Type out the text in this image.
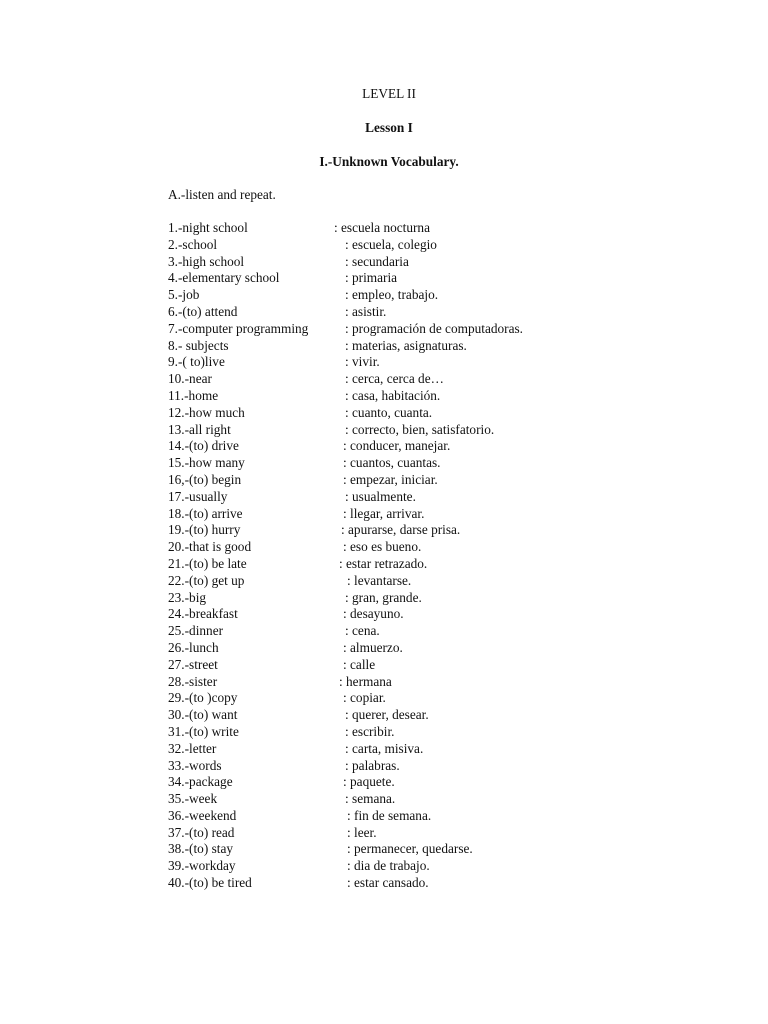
LEVEL II
Lesson I
I.-Unknown Vocabulary.
A.-listen and repeat.
1.-night school	: escuela nocturna
2.-school	: escuela, colegio
3.-high school	: secundaria
4.-elementary school	: primaria
5.-job	: empleo, trabajo.
6.-(to) attend	: asistir.
7.-computer programming	: programación de computadoras.
8.- subjects	: materias, asignaturas.
9.-( to)live	: vivir.
10.-near	: cerca, cerca de…
11.-home	: casa, habitación.
12.-how much	: cuanto, cuanta.
13.-all right	: correcto, bien, satisfatorio.
14.-(to) drive	: conducer, manejar.
15.-how many	: cuantos, cuantas.
16,-(to) begin	: empezar, iniciar.
17.-usually	: usualmente.
18.-(to) arrive	: llegar, arrivar.
19.-(to) hurry	: apurarse, darse prisa.
20.-that is good	: eso es bueno.
21.-(to) be late	: estar retrazado.
22.-(to) get up	: levantarse.
23.-big	: gran, grande.
24.-breakfast	: desayuno.
25.-dinner	: cena.
26.-lunch	: almuerzo.
27.-street	: calle
28.-sister	: hermana
29.-(to )copy	: copiar.
30.-(to) want	: querer, desear.
31.-(to) write	: escribir.
32.-letter	: carta, misiva.
33.-words	: palabras.
34.-package	: paquete.
35.-week	: semana.
36.-weekend	: fin de semana.
37.-(to) read	: leer.
38.-(to) stay	: permanecer, quedarse.
39.-workday	: dia de trabajo.
40.-(to) be tired	: estar cansado.
